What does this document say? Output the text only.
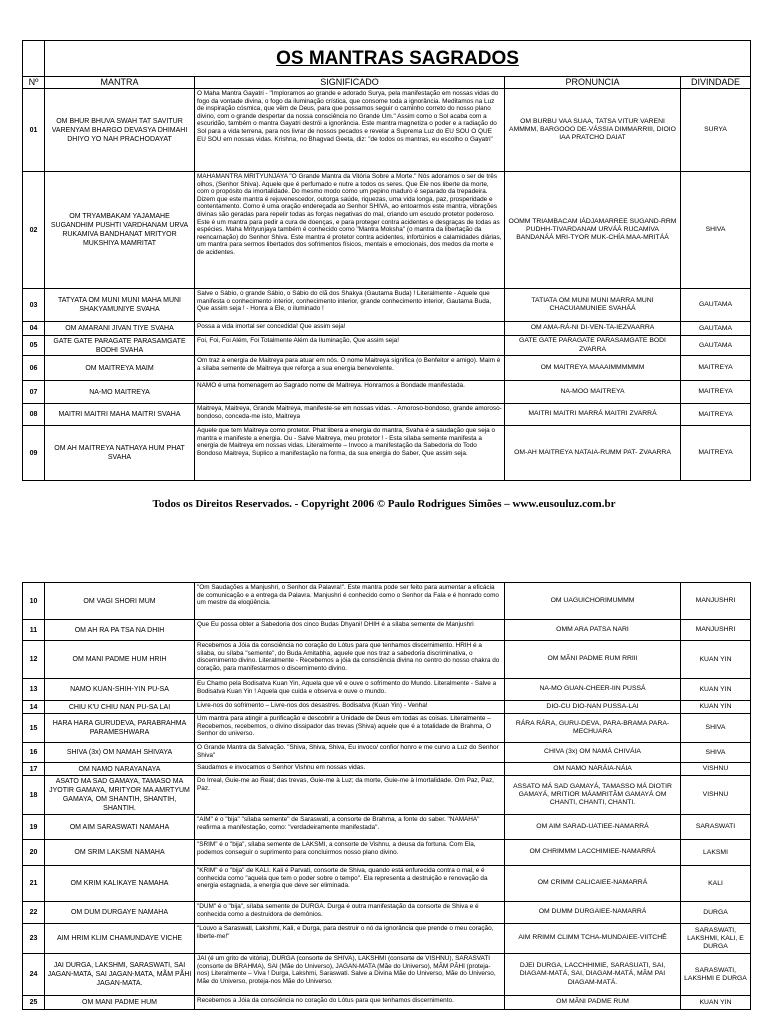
	OS MANTRAS SAGRADOS			
Nº	MANTRA	SIGNIFICADO	PRONUNCIA	DIVINDADE
01	OM BHUR BHUVA SWAH TAT SAVITUR VARENYAM BHARGO DEVASYA DHIMAHI DHIYO YO NAH PRACHODAYAT	O Maha Mantra Gayatri - "Imploramos ao grande e adorado Surya, pela manifestação em nossas vidas do fogo da vontade divina, o fogo da iluminação crística, que consome toda a ignorância. Meditamos na Luz de inspiração cósmica, que vêm de Deus, para que possamos seguir o caminho correto do nosso plano divino, com o grande despertar da nossa consciência no Grande Um." Assim como o Sol acaba com a escuridão, também o mantra Gayatri destrói a ignorância. Este mantra magnetiza o poder e a radiação do Sol para a vida terrena, para nos livrar de nossos pecados e revelar a Suprema Luz do EU SOU O QUE EU SOU em nossas vidas. Krishna, no Bhagvad Geeta, diz: "de todos os mantras, eu escolho o Gayatri"	OM BURBU VAA SUAA, TATSA VITUR VARENI AMMMM, BARGOOO DE-VÁSSIA DIMMARRIII, DIOIO IAA PRATCHO DAIAT	SURYA
02	OM TRYAMBAKAM YAJAMAHE SUGANDHIM PUSHTI VARDHANAM URVA RUKAMIVA BANDHANAT MRITYOR MUKSHIYA MAMRITAT	MAHAMANTRA MRITYUNJAYA "O Grande Mantra da Vitória Sobre a Morte." Nós adoramos o ser de três olhos, (Senhor Shiva). Aquele que é perfumado e nutre a todos os seres. Que Ele nos liberte da morte, com o propósito da imortalidade. Do mesmo modo como um pepino maduro é separado da trepadeira. Dizem que este mantra é rejuvenescedor, outorga saúde, riquezas, uma vida longa, paz, prosperidade e contentamento. Como é uma oração endereçada ao Senhor SHIVA, ao entoarmos este mantra, vibrações divinas são geradas para repelir todas as forças negativas do mal, criando um escudo protetor poderoso. Este é um mantra para pedir a cura de doenças, e para proteger contra acidentes e desgraças de todas as espécies. Maha Mrityunjaya também é conhecido como "Mantra Moksha" (o mantra da libertação da reencarnação) do Senhor Shiva. Este mantra é protetor contra acidentes, infortúnios e calamidades diárias, um mantra para sermos libertados dos sofrimentos físicos, mentais e emocionais, dos medos da morte e de acidentes.	OOMM TRIAMBACAM IÁDJAMARREE SUGAND-RRM PUDHH-TIVARDANAM URVÁÁ RUCAMIVA BANDANÁÁ MRI-TYOR MUK-CHÍA MAA-MRITÁÁ	SHIVA
03	TATYATA OM MUNI MUNI MAHA MUNI SHAKYAMUNIYE SVAHA	Salve o Sábio, o grande Sábio, o Sábio do clã dos Shakya (Gautama Buda) ! Literalmente - Aquele que manifesta o conhecimento interior, conhecimento interior, grande conhecimento interior, Gautama Buda, Que assim seja ! - Honra a Ele, o iluminado !	TATIATA OM MUNI MUNI MARRA MUNI CHACUIAMUNIEE SVAHÁÁ	GAUTAMA
04	OM AMARANI JIVAN TIYE SVAHA	Possa a vida imortal ser concedida! Que assim seja!	OM AMA-RÁ-NI DI-VEN-TA-IEZVAARRA	GAUTAMA
05	GATE GATE PARAGATE PARASAMGATE BODHI SVAHA	Foi, Foi, Foi Além, Foi Totalmente Além da Iluminação, Que assim seja!	GATE GATE PARAGATE PARASAMGATE BODI ZVARRA	GAUTAMA
06	OM MAITREYA MAIM	Om traz a energia de Maitreya para atuar em nós. O nome Maitreya significa (o Benfeitor e amigo). Maim é a sílaba semente de Maitreya que reforça a sua energia benevolente.	OM MAITREYA MAAAIMMMMMM	MAITREYA
07	NA-MO MAITREYA	NAMO é uma homenagem ao Sagrado nome de Maitreya. Honramos a Bondade manifestada.	NA-MOO MAITREYA	MAITREYA
08	MAITRI MAITRI MAHA MAITRI SVAHA	Maitreya, Maitreya, Grande Maitreya, manifeste-se em nossas vidas. - Amoroso-bondoso, grande amoroso-bondoso, conceda-me isto, Maitreya	MAITRI MAITRI MARRÁ MAITRI ZVARRÁ	MAITREYA
09	OM AH MAITREYA NATHAYA HUM PHAT SVAHA	Aquele que tem Maitreya como protetor. Phat libera a energia do mantra, Svaha é a saudação que seja o mantra e manifeste a energia. Ou - Salve Maitreya, meu protetor ! - Esta sílaba semente manifesta a energia de Maitreya em nossas vidas. Literalmente – Invoco a manifestação da Sabedoria do Todo Bondoso Maitreya, Suplico a manifestação na forma, da sua energia do Saber, Que assim seja.	OM-AH MAITREYA NATAIA-RUMM PAT- ZVAARRA	MAITREYA
Todos os Direitos Reservados. - Copyright 2006 © Paulo Rodrigues Simões – www.eusouluz.com.br
10	OM VAGI SHORI MUM	"Om Saudações a Manjushri, o Senhor da Palavra!". Este mantra pode ser feito para aumentar a eficácia de comunicação e a entrega da Palavra. Manjushri é conhecido como o Senhor da Fala e é honrado como um mestre da eloqüência.	OM UAGUICHORIMUMMM	MANJUSHRI
11	OM AH RA PA TSA NA DHIH	Que Eu possa obter a Sabedoria dos cinco Budas Dhyani! DHIH é a sílaba semente de Manjushri	OMM ARA PATSA NARI	MANJUSHRI
12	OM MANI PADME HUM HRIH	Recebemos a Jóia da consciência no coração do Lótus para que tenhamos discernimento. HRIH é a sílaba, ou sílaba "semente", do Buda Amitabha, aquele que nos traz a sabedoria discriminativa, o discernimento divino. Literalmente - Recebemos a jóia da consciência divina no centro do nosso chakra do coração, para manifestarmos o discernimento divino.	OM MÃNI PADME RUM RRIII	KUAN YIN
13	NAMO KUAN-SHIH-YIN PU-SA	Eu Chamo pela Bodisatva Kuan Yin, Aquela que vê e ouve o sofrimento do Mundo. Literalmente - Salve a Bodisatva Kuan Yin ! Aquela que cuida e observa e ouve o mundo.	NA-MO GUAN-CHEER-IIN PUSSÁ	KUAN YIN
14	CHIU K'U CHIU NAN PU-SA LAI	Livre-nos do sofrimento – Livre-nos dos desastres. Bodisatva (Kuan Yin) - Venha!	DIO-CU DIO-NAN PUSSA-LAI	KUAN YIN
15	HARA HARA GURUDEVA, PARABRAHMA PARAMESHWARA	Um mantra para atingir a purificação e descobrir a Unidade de Deus em todas as coisas. Literalmente – Recebemos, recebemos, o divino dissipador das trevas (Shiva) aquele que é a totalidade de Brahma, O Senhor do universo.	RÁRA RÁRA, GURU-DEVA, PARA-BRAMA PARA-MECHUARA	SHIVA
16	SHIVA (3x) OM NAMAH SHIVAYA	O Grande Mantra da Salvação. "Shiva, Shiva, Shiva, Eu invoco/ confio/ honro e me curvo a Luz do Senhor Shiva"	CHIVA (3x) OM NAMÁ CHIVÁIA	SHIVA
17	OM NAMO NARAYANAYA	Saudamos e invocamos o Senhor Vishnu em nossas vidas.	OM NAMO NARÁIA-NÁIA	VISHNU
18	ASATO MA SAD GAMAYA, TAMASO MA JYOTIR GAMAYA, MRITYOR MA AMRTYUM GAMAYA, OM SHANTIH, SHANTIH, SHANTIH.	Do Irreal, Guie-me ao Real; das trevas, Guie-me à Luz; da morte, Guie-me à Imortalidade. Om Paz, Paz, Paz.	ASSATO MÁ SAD GAMAYÁ, TAMASSO MÁ DIOTIR GAMAYÁ, MRITIOR MÁAMRITÃM GAMAYÁ OM CHANTI, CHANTI, CHANTI.	VISHNU
19	OM AIM SARASWATI NAMAHA	"AIM" é o "bija" "sílaba semente" de Saraswati, a consorte de Brahma, a fonte do saber. "NAMAHA" reafirma a manifestação, como: "verdadeiramente manifestada".	OM AIM SARAD-UATIEE-NAMARRÁ	SARASWATI
20	OM SRIM LAKSMI NAMAHA	"SRIM" é o "bija", sílaba semente de LAKSMI, a consorte de Vishnu, a deusa da fortuna. Com Ela, podemos conseguir o suprimento para concluirmos nosso plano divino.	OM CHRIMMM LACCHIMIEE-NAMARRÁ	LAKSMI
21	OM KRIM KALIKAYE NAMAHA	"KRIM" é o "bija" de KALI. Kali é Parvati, consorte de Shiva, quando está enfurecida contra o mal, e é conhecida como "aquela que tem o poder sobre o tempo". Ela representa a destruição e renovação da energia estagnada, a energia que deve ser eliminada.	OM CRIMM CALICAIEE-NAMARRÁ	KALI
22	OM DUM DURGAYE NAMAHA	"DUM" é o "bija", sílaba semente de DURGA. Durga é outra manifestação da consorte de Shiva e é conhecida como a destruidora de demônios.	OM DUMM DURGAIEE-NAMARRÁ	DURGA
23	AIM HRIM KLIM CHAMUNDAYE VICHE	"Louvo a Saraswati, Lakshmi, Kali, e Durga, para destruir o nó da ignorância que prende o meu coração, liberte-me!"	AIM RRIMM CLIMM TCHA-MUNDAIEE-VIITCHÊ	SARASWATI, LAKSHMI, KALI, E DURGA
24	JAI DURGA, LAKSHMI, SARASWATI, SAI JAGAN-MATA, SAI JAGAN-MATA, MÃM PÃHI JAGAN-MATA.	JAI (é um grito de vitória), DURGA (consorte de SHIVA), LAKSHMI (consorte de VISHNU), SARASVATI (consorte de BRAHMA), SAI (Mãe do Universo), JAGAN-MATA (Mãe do Universo), MÃM PÃHI (proteja-nos) Literalmente – Viva ! Durga, Lakshmi, Saraswati. Salve a Divina Mãe do Universo, Mãe do Universo, Mãe do Universo, proteja-nos Mãe do Universo.	DJEI DURGA, LACCHHIMIE, SARASUATI, SAI, DIAGAM-MATÁ, SAI, DIAGAM-MATÁ, MÃM PAI DIAGAM-MATÁ.	SARASWATI, LAKSHMI E DURGA
25	OM MANI PADME HUM	Recebemos a Jóia da consciência no coração do Lótus para que tenhamos discernimento.	OM MÃNI PADME RUM	KUAN YIN
